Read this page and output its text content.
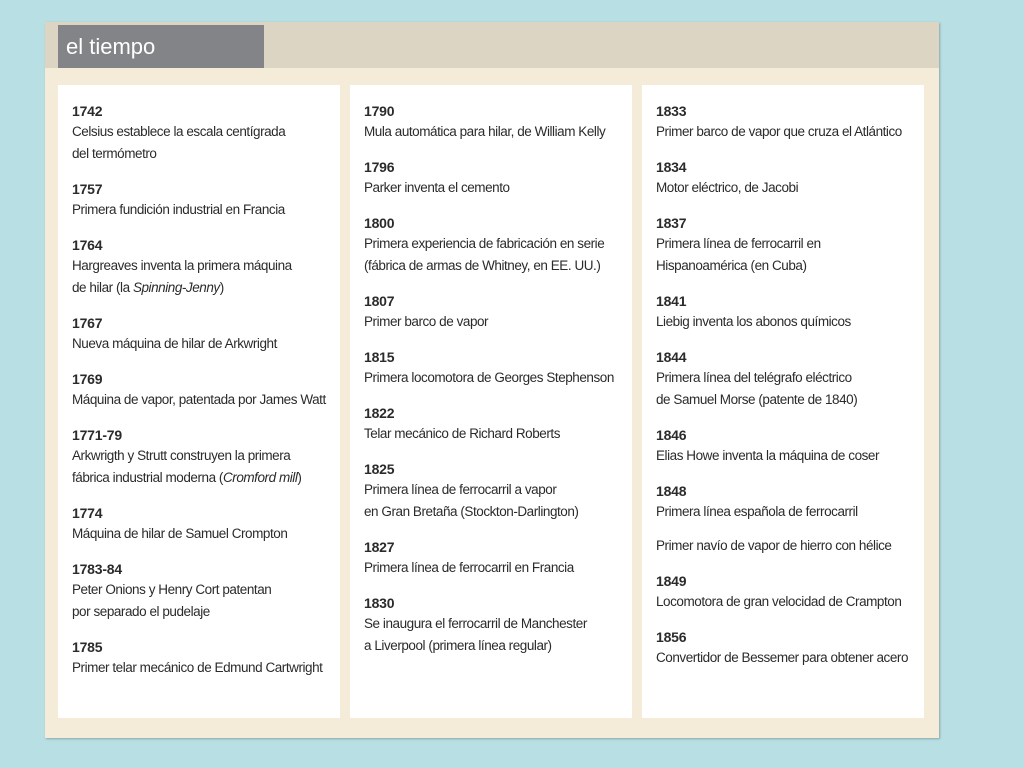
el tiempo
1742
Celsius establece la escala centígrada
del termómetro
1757
Primera fundición industrial en Francia
1764
Hargreaves inventa la primera máquina
de hilar (la Spinning-Jenny)
1767
Nueva máquina de hilar de Arkwright
1769
Máquina de vapor, patentada por James Watt
1771-79
Arkwrigth y Strutt construyen la primera
fábrica industrial moderna (Cromford mill)
1774
Máquina de hilar de Samuel Crompton
1783-84
Peter Onions y Henry Cort patentan
por separado el pudelaje
1785
Primer telar mecánico de Edmund Cartwright
1790
Mula automática para hilar, de William Kelly
1796
Parker inventa el cemento
1800
Primera experiencia de fabricación en serie
(fábrica de armas de Whitney, en EE. UU.)
1807
Primer barco de vapor
1815
Primera locomotora de Georges Stephenson
1822
Telar mecánico de Richard Roberts
1825
Primera línea de ferrocarril a vapor
en Gran Bretaña (Stockton-Darlington)
1827
Primera línea de ferrocarril en Francia
1830
Se inaugura el ferrocarril de Manchester
a Liverpool (primera línea regular)
1833
Primer barco de vapor que cruza el Atlántico
1834
Motor eléctrico, de Jacobi
1837
Primera línea de ferrocarril en
Hispanoamérica (en Cuba)
1841
Liebig inventa los abonos químicos
1844
Primera línea del telégrafo eléctrico
de Samuel Morse (patente de 1840)
1846
Elias Howe inventa la máquina de coser
1848
Primera línea española de ferrocarril
Primer navío de vapor de hierro con hélice
1849
Locomotora de gran velocidad de Crampton
1856
Convertidor de Bessemer para obtener acero
